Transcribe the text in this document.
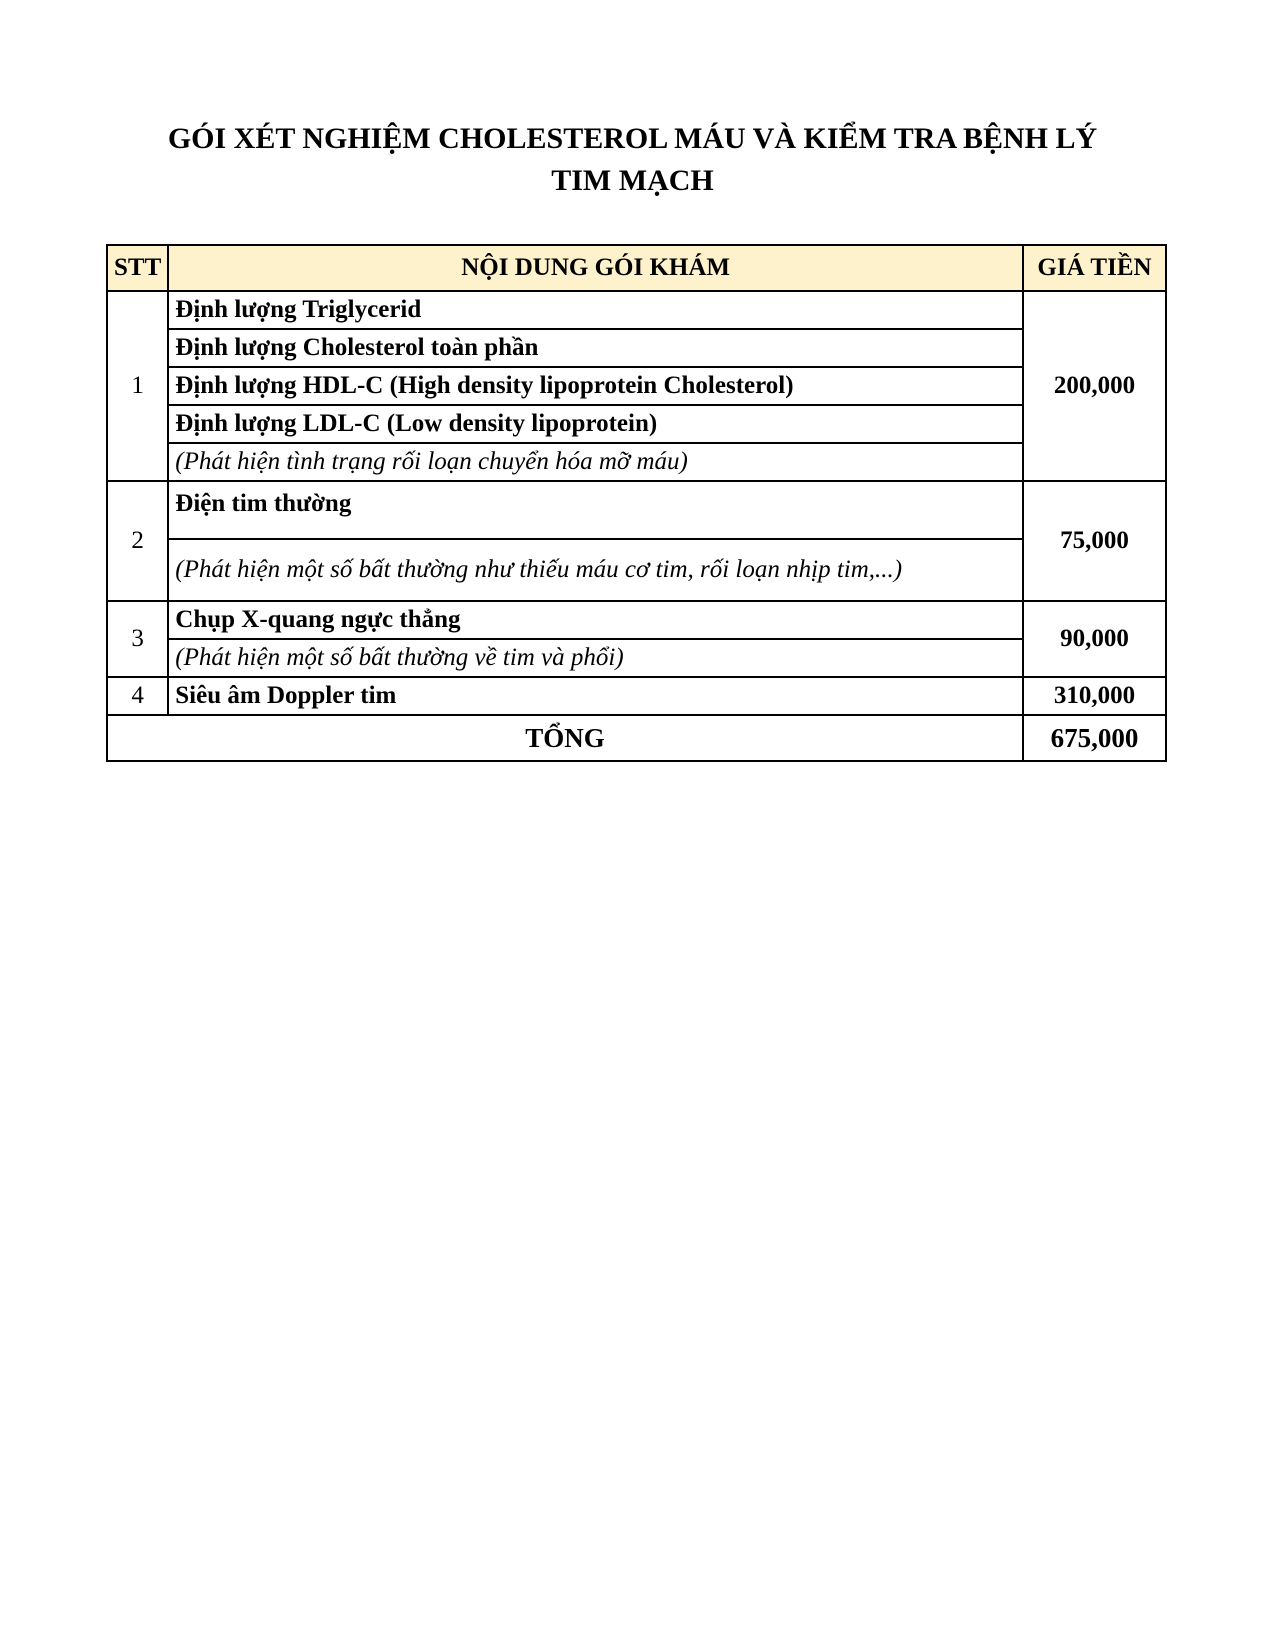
GÓI XÉT NGHIỆM CHOLESTEROL MÁU VÀ KIỂM TRA BỆNH LÝ
TIM MẠCH
STT	NỘI DUNG GÓI KHÁM	GIÁ TIỀN
1	Định lượng Triglycerid	200,000
	Định lượng Cholesterol toàn phần	
	Định lượng HDL-C (High density lipoprotein Cholesterol)	
	Định lượng LDL-C (Low density lipoprotein)	
	(Phát hiện tình trạng rối loạn chuyển hóa mỡ máu)	
2	Điện tim thường	75,000
	(Phát hiện một số bất thường như thiếu máu cơ tim, rối loạn nhịp tim,...)	
3	Chụp X-quang ngực thẳng	90,000
	(Phát hiện một số bất thường về tim và phổi)	
4	Siêu âm Doppler tim	310,000
TỔNG		675,000
